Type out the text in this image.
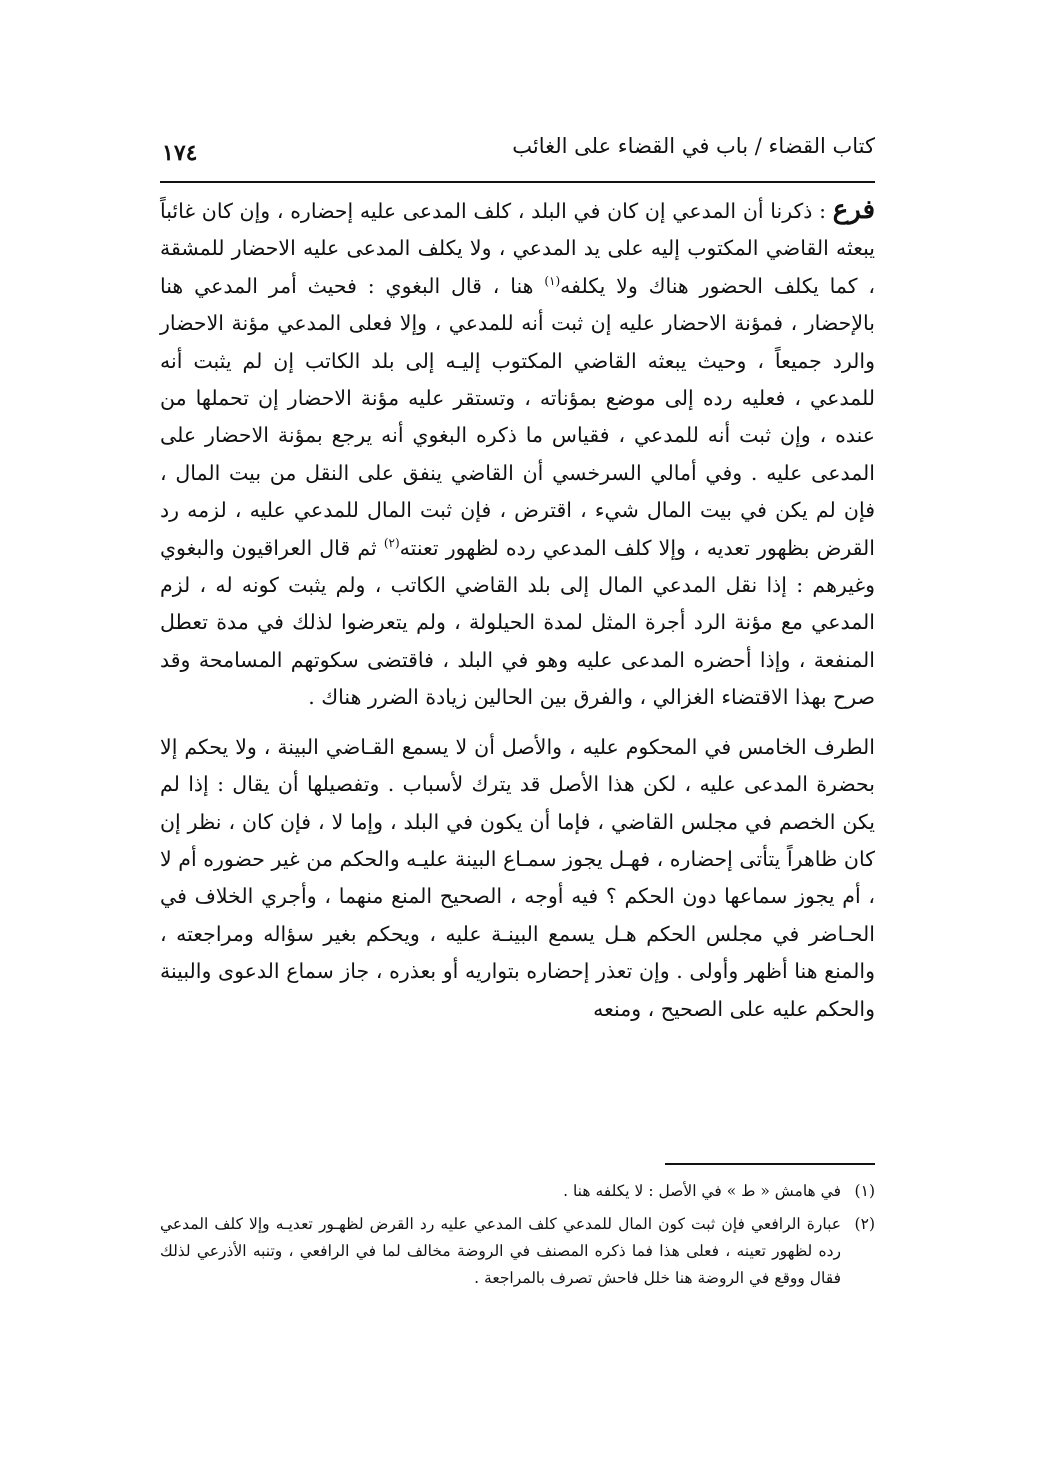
كتاب القضاء / باب في القضاء على الغائب
١٧٤

فرع : ذكرنا أن المدعي إن كان في البلد ، كلف المدعى عليه إحضاره ، وإن كان غائباً يبعثه القاضي المكتوب إليه على يد المدعي ، ولا يكلف المدعى عليه الاحضار للمشقة ، كما يكلف الحضور هناك ولا يكلفه$^{(١)}$ هنا ، قال البغوي : فحيث أمر المدعي هنا بالإحضار ، فمؤنة الاحضار عليه إن ثبت أنه للمدعي ، وإلا فعلى المدعي مؤنة الاحضار والرد جميعاً ، وحيث يبعثه القاضي المكتوب إليـه إلى بلد الكاتب إن لم يثبت أنه للمدعي ، فعليه رده إلى موضع بمؤناته ، وتستقر عليه مؤنة الاحضار إن تحملها من عنده ، وإن ثبت أنه للمدعي ، فقياس ما ذكره البغوي أنه يرجع بمؤنة الاحضار على المدعى عليه . وفي أمالي السرخسي أن القاضي ينفق على النقل من بيت المال ، فإن لم يكن في بيت المال شيء ، اقترض ، فإن ثبت المال للمدعي عليه ، لزمه رد القرض بظهور تعديه ، وإلا كلف المدعي رده لظهور تعنته$^{(٢)}$ ثم قال العراقيون والبغوي وغيرهم : إذا نقل المدعي المال إلى بلد القاضي الكاتب ، ولم يثبت كونه له ، لزم المدعي مع مؤنة الرد أجرة المثل لمدة الحيلولة ، ولم يتعرضوا لذلك في مدة تعطل المنفعة ، وإذا أحضره المدعى عليه وهو في البلد ، فاقتضى سكوتهم المسامحة وقد صرح بهذا الاقتضاء الغزالي ، والفرق بين الحالين زيادة الضرر هناك .

الطرف الخامس في المحكوم عليه ، والأصل أن لا يسمع القـاضي البينة ، ولا يحكم إلا بحضرة المدعى عليه ، لكن هذا الأصل قد يترك لأسباب . وتفصيلها أن يقال : إذا لم يكن الخصم في مجلس القاضي ، فإما أن يكون في البلد ، وإما لا ، فإن كان ، نظر إن كان ظاهراً يتأتى إحضاره ، فهـل يجوز سمـاع البينة عليـه والحكم من غير حضوره أم لا ، أم يجوز سماعها دون الحكم ؟ فيه أوجه ، الصحيح المنع منهما ، وأجري الخلاف في الحـاضر في مجلس الحكم هـل يسمع البينـة عليه ، ويحكم بغير سؤاله ومراجعته ، والمنع هنا أظهر وأولى . وإن تعذر إحضاره بتواريه أو بعذره ، جاز سماع الدعوى والبينة والحكم عليه على الصحيح ، ومنعه

(١)
في هامش « ط » في الأصل : لا يكلفه هنا .
(٢)
عبارة الرافعي فإن ثبت كون المال للمدعي كلف المدعي عليه رد القرض لظهـور تعديـه وإلا كلف المدعي رده لظهور تعينه ، فعلى هذا فما ذكره المصنف في الروضة مخالف لما في الرافعي ، وتنبه الأذرعي لذلك فقال ووقع في الروضة هنا خلل فاحش تصرف بالمراجعة .
